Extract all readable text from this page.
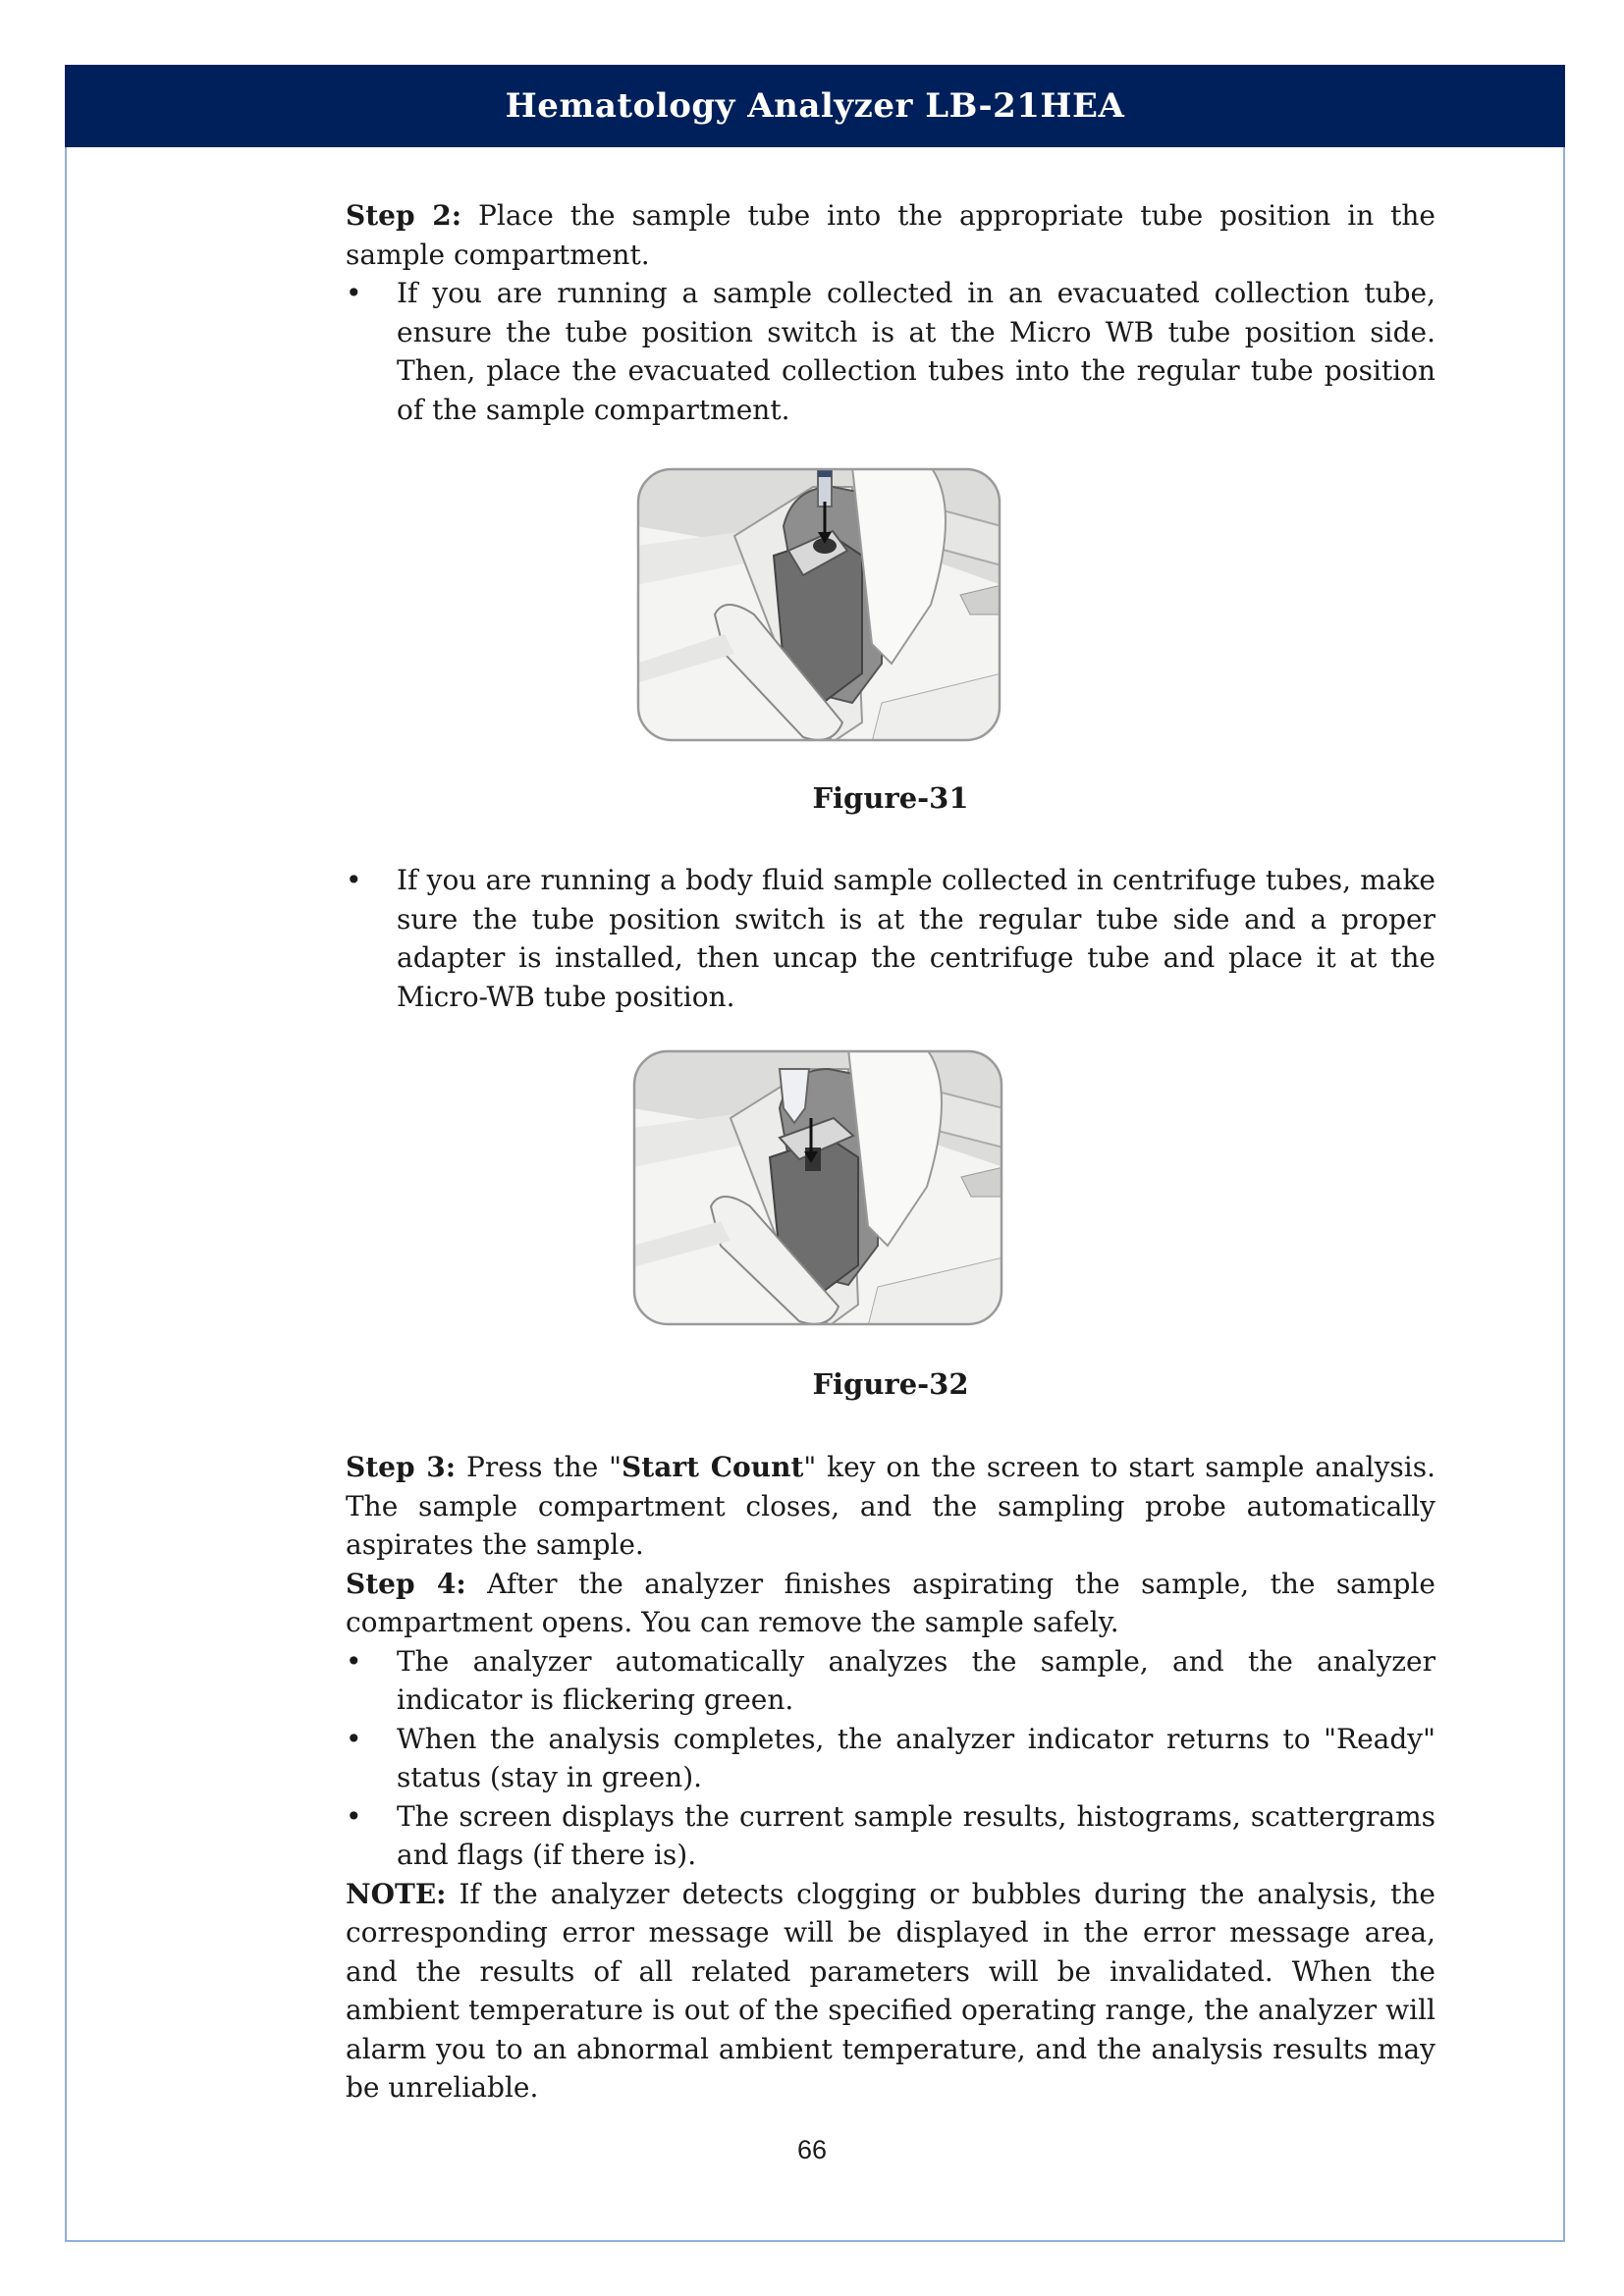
Hematology Analyzer LB-21HEA

Step 2: Place the sample tube into the appropriate tube position in the sample compartment.

• If you are running a sample collected in an evacuated collection tube, ensure the tube position switch is at the Micro WB tube position side. Then, place the evacuated collection tubes into the regular tube position of the sample compartment.

Figure-31

• If you are running a body fluid sample collected in centrifuge tubes, make sure the tube position switch is at the regular tube side and a proper adapter is installed, then uncap the centrifuge tube and place it at the Micro-WB tube position.

Figure-32

Step 3: Press the "Start Count" key on the screen to start sample analysis. The sample compartment closes, and the sampling probe automatically aspirates the sample.

Step 4: After the analyzer finishes aspirating the sample, the sample compartment opens. You can remove the sample safely.

• The analyzer automatically analyzes the sample, and the analyzer indicator is flickering green.

• When the analysis completes, the analyzer indicator returns to "Ready" status (stay in green).

• The screen displays the current sample results, histograms, scattergrams and flags (if there is).

NOTE: If the analyzer detects clogging or bubbles during the analysis, the corresponding error message will be displayed in the error message area, and the results of all related parameters will be invalidated. When the ambient temperature is out of the specified operating range, the analyzer will alarm you to an abnormal ambient temperature, and the analysis results may be unreliable.

66
